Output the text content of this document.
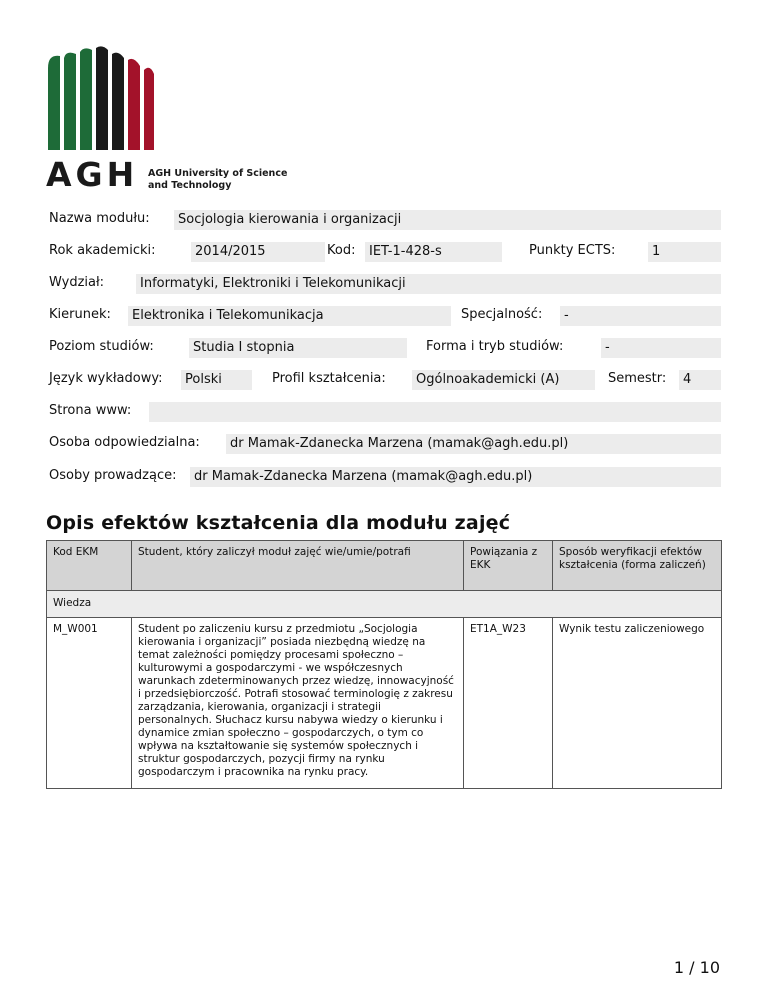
AGH AGH University of Science
and Technology
Nazwa modułu:	Socjologia kierowania i organizacji
Rok akademicki:	2014/2015	Kod:	IET-1-428-s	Punkty ECTS:	1
Wydział:	Informatyki, Elektroniki i Telekomunikacji
Kierunek:	Elektronika i Telekomunikacja	Specjalność:	-
Poziom studiów:	Studia I stopnia	Forma i tryb studiów:	-
Język wykładowy:	Polski	Profil kształcenia:	Ogólnoakademicki (A)	Semestr:	4
Strona www:
Osoba odpowiedzialna:	dr Mamak-Zdanecka Marzena (mamak@agh.edu.pl)
Osoby prowadzące:	dr Mamak-Zdanecka Marzena (mamak@agh.edu.pl)
Opis efektów kształcenia dla modułu zajęć
Kod EKM	Student, który zaliczył moduł zajęć wie/umie/potrafi	Powiązania z EKK	Sposób weryfikacji efektów kształcenia (forma zaliczeń)
Wiedza			
M_W001	Student po zaliczeniu kursu z przedmiotu „Socjologia kierowania i organizacji” posiada niezbędną wiedzę na temat zależności pomiędzy procesami społeczno – kulturowymi a gospodarczymi - we współczesnych warunkach zdeterminowanych przez wiedzę, innowacyjność i przedsiębiorczość. Potrafi stosować terminologię z zakresu zarządzania, kierowania, organizacji i strategii personalnych. Słuchacz kursu nabywa wiedzy o kierunku i dynamice zmian społeczno – gospodarczych, o tym co wpływa na kształtowanie się systemów społecznych i struktur gospodarczych, pozycji firmy na rynku gospodarczym i pracownika na rynku pracy.	ET1A_W23	Wynik testu zaliczeniowego
1 / 10
